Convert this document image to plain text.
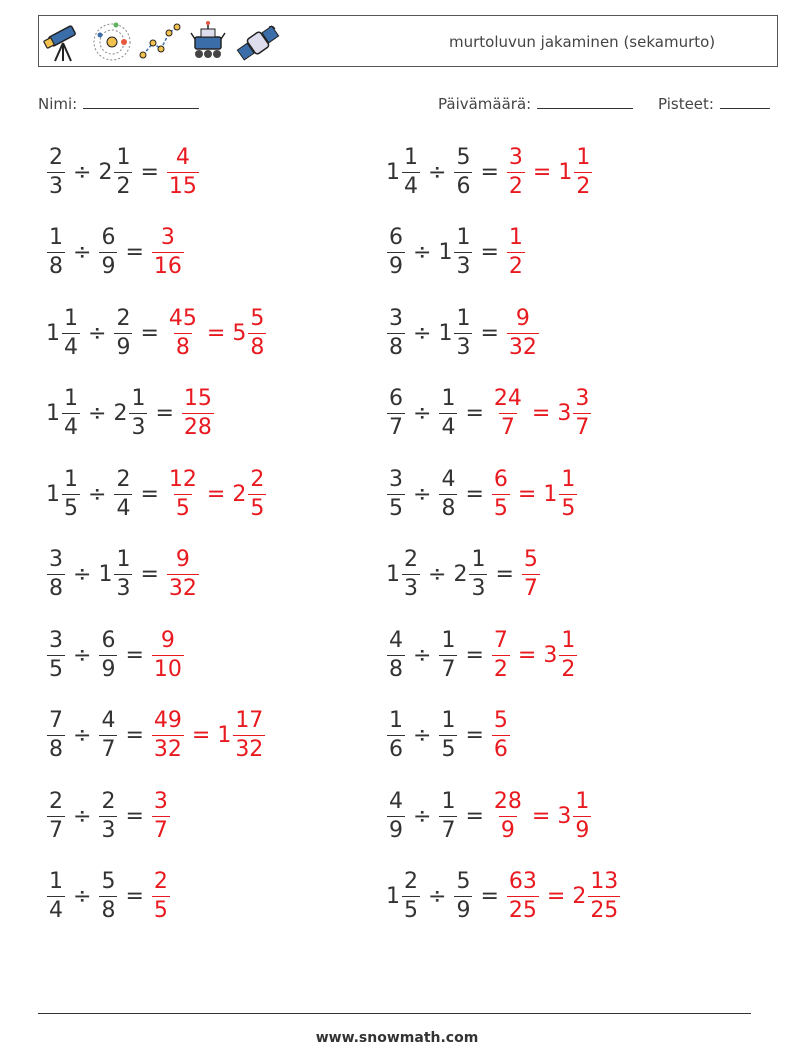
murtoluvun jakaminen (sekamurto)
Nimi:	Päivämäärä:	Pisteet:
$\frac{2}{3} \div 2 \frac{1}{2} = \frac{4}{15}$	$1 \frac{1}{4} \div \frac{5}{6} = \frac{3}{2} = 1 \frac{1}{2}$
$\frac{1}{8} \div \frac{6}{9} = \frac{3}{16}$	$\frac{6}{9} \div 1 \frac{1}{3} = \frac{1}{2}$
$1 \frac{1}{4} \div \frac{2}{9} = \frac{45}{8} = 5 \frac{5}{8}$	$\frac{3}{8} \div 1 \frac{1}{3} = \frac{9}{32}$
$1 \frac{1}{4} \div 2 \frac{1}{3} = \frac{15}{28}$	$\frac{6}{7} \div \frac{1}{4} = \frac{24}{7} = 3 \frac{3}{7}$
$1 \frac{1}{5} \div \frac{2}{4} = \frac{12}{5} = 2 \frac{2}{5}$	$\frac{3}{5} \div \frac{4}{8} = \frac{6}{5} = 1 \frac{1}{5}$
$\frac{3}{8} \div 1 \frac{1}{3} = \frac{9}{32}$	$1 \frac{2}{3} \div 2 \frac{1}{3} = \frac{5}{7}$
$\frac{3}{5} \div \frac{6}{9} = \frac{9}{10}$	$\frac{4}{8} \div \frac{1}{7} = \frac{7}{2} = 3 \frac{1}{2}$
$\frac{7}{8} \div \frac{4}{7} = \frac{49}{32} = 1 \frac{17}{32}$	$\frac{1}{6} \div \frac{1}{5} = \frac{5}{6}$
$\frac{2}{7} \div \frac{2}{3} = \frac{3}{7}$	$\frac{4}{9} \div \frac{1}{7} = \frac{28}{9} = 3 \frac{1}{9}$
$\frac{1}{4} \div \frac{5}{8} = \frac{2}{5}$	$1 \frac{2}{5} \div \frac{5}{9} = \frac{63}{25} = 2 \frac{13}{25}$
www.snowmath.com
